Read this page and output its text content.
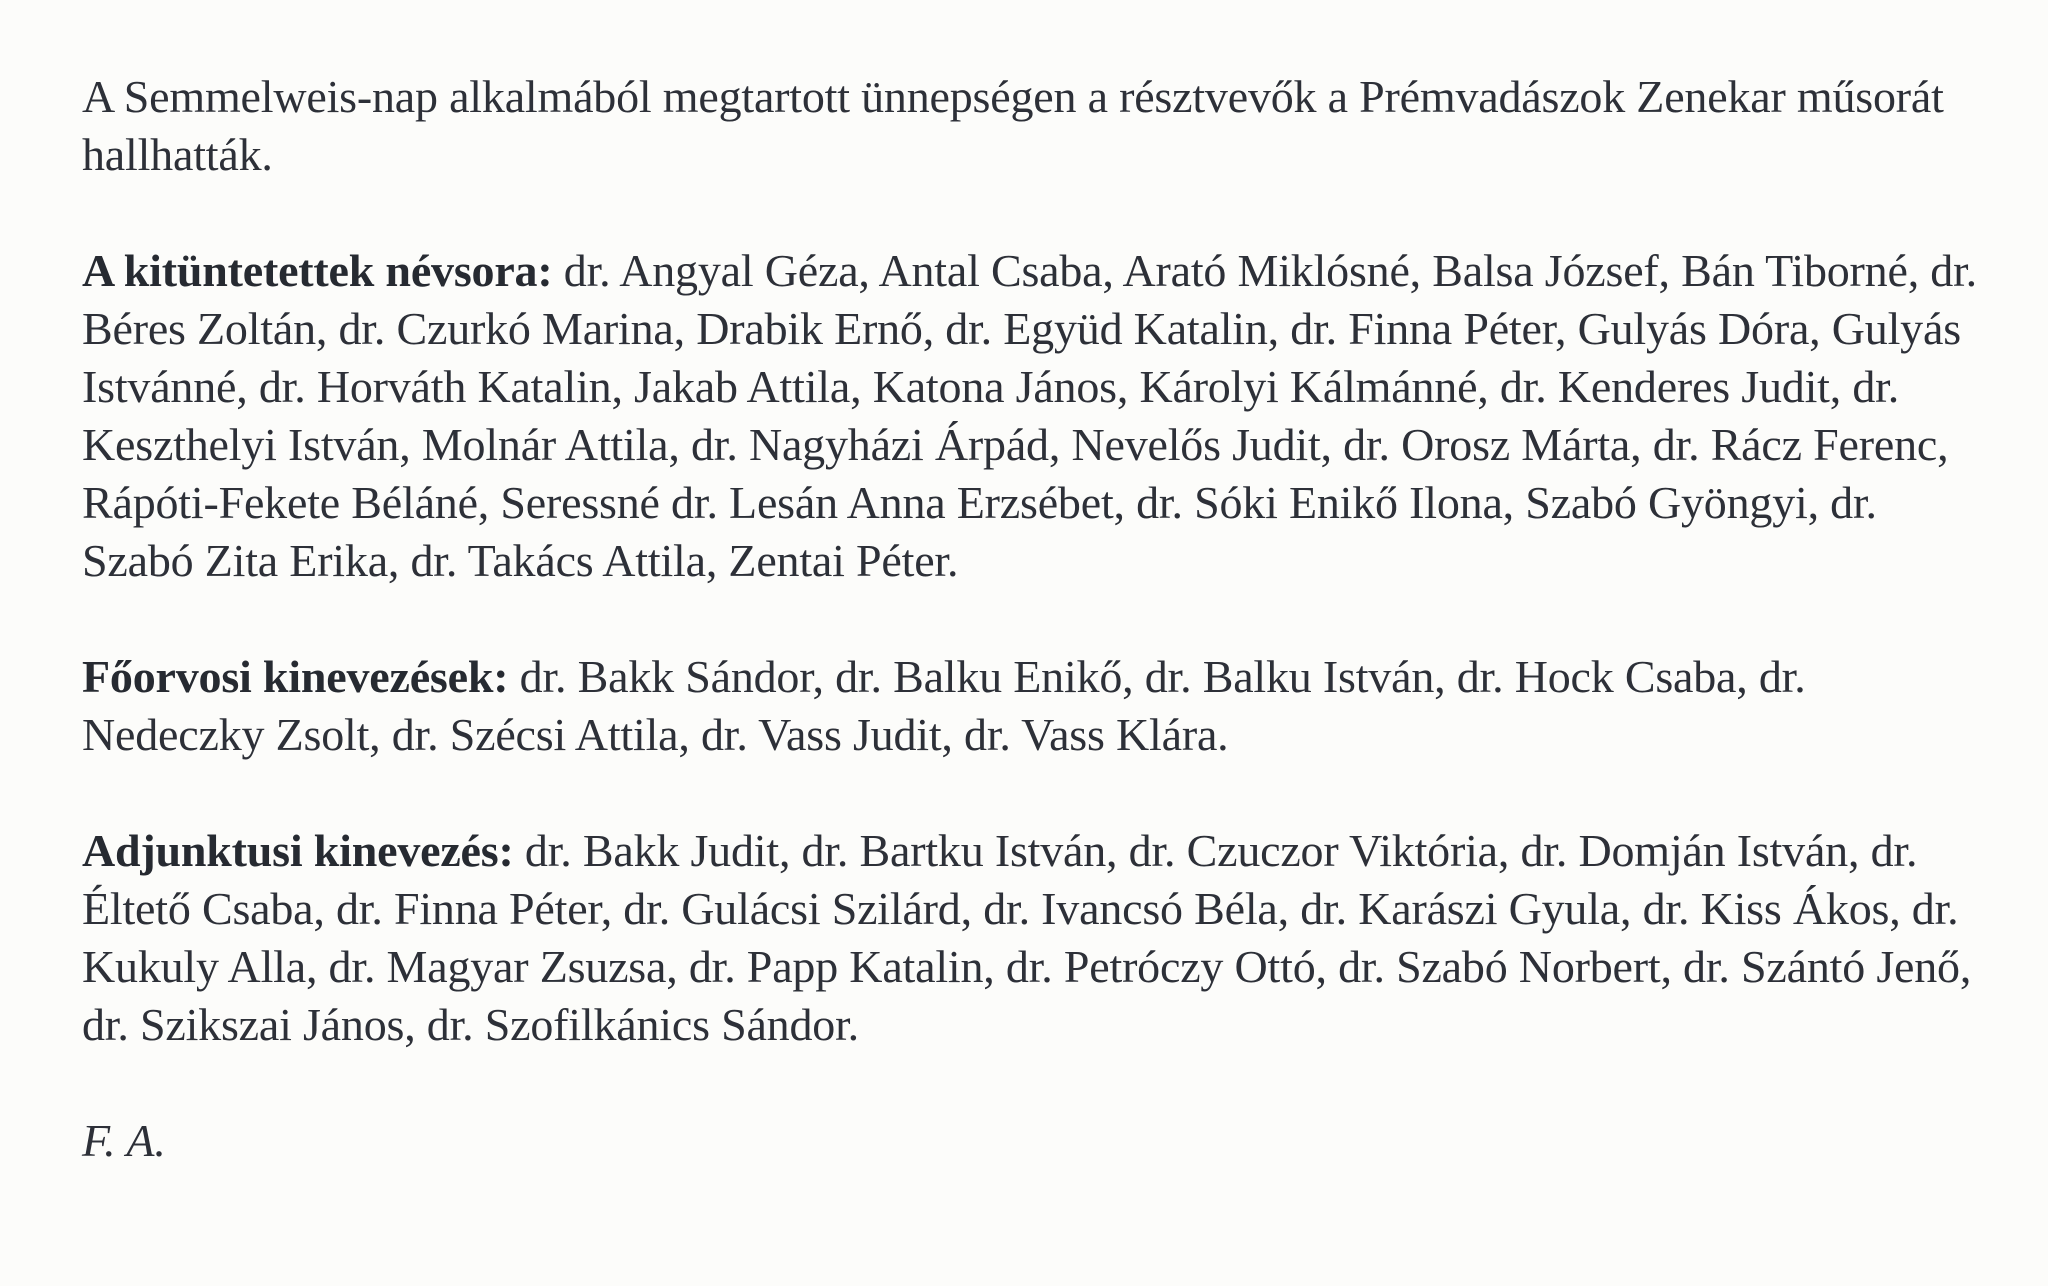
A Semmelweis-nap alkalmából megtartott ünnepségen a résztvevők a Prémvadászok Zenekar műsorát hallhatták.

A kitüntetettek névsora: dr. Angyal Géza, Antal Csaba, Arató Miklósné, Balsa József, Bán Tiborné, dr. Béres Zoltán, dr. Czurkó Marina, Drabik Ernő, dr. Együd Katalin, dr. Finna Péter, Gulyás Dóra, Gulyás Istvánné, dr. Horváth Katalin, Jakab Attila, Katona János, Károlyi Kálmánné, dr. Kenderes Judit, dr. Keszthelyi István, Molnár Attila, dr. Nagyházi Árpád, Nevelős Judit, dr. Orosz Márta, dr. Rácz Ferenc, Rápóti-Fekete Béláné, Seressné dr. Lesán Anna Erzsébet, dr. Sóki Enikő Ilona, Szabó Gyöngyi, dr. Szabó Zita Erika, dr. Takács Attila, Zentai Péter.

Főorvosi kinevezések: dr. Bakk Sándor, dr. Balku Enikő, dr. Balku István, dr. Hock Csaba, dr. Nedeczky Zsolt, dr. Szécsi Attila, dr. Vass Judit, dr. Vass Klára.

Adjunktusi kinevezés: dr. Bakk Judit, dr. Bartku István, dr. Czuczor Viktória, dr. Domján István, dr. Éltető Csaba, dr. Finna Péter, dr. Gulácsi Szilárd, dr. Ivancsó Béla, dr. Karászi Gyula, dr. Kiss Ákos, dr. Kukuly Alla, dr. Magyar Zsuzsa, dr. Papp Katalin, dr. Petróczy Ottó, dr. Szabó Norbert, dr. Szántó Jenő, dr. Szikszai János, dr. Szofilkánics Sándor.

F. A.
